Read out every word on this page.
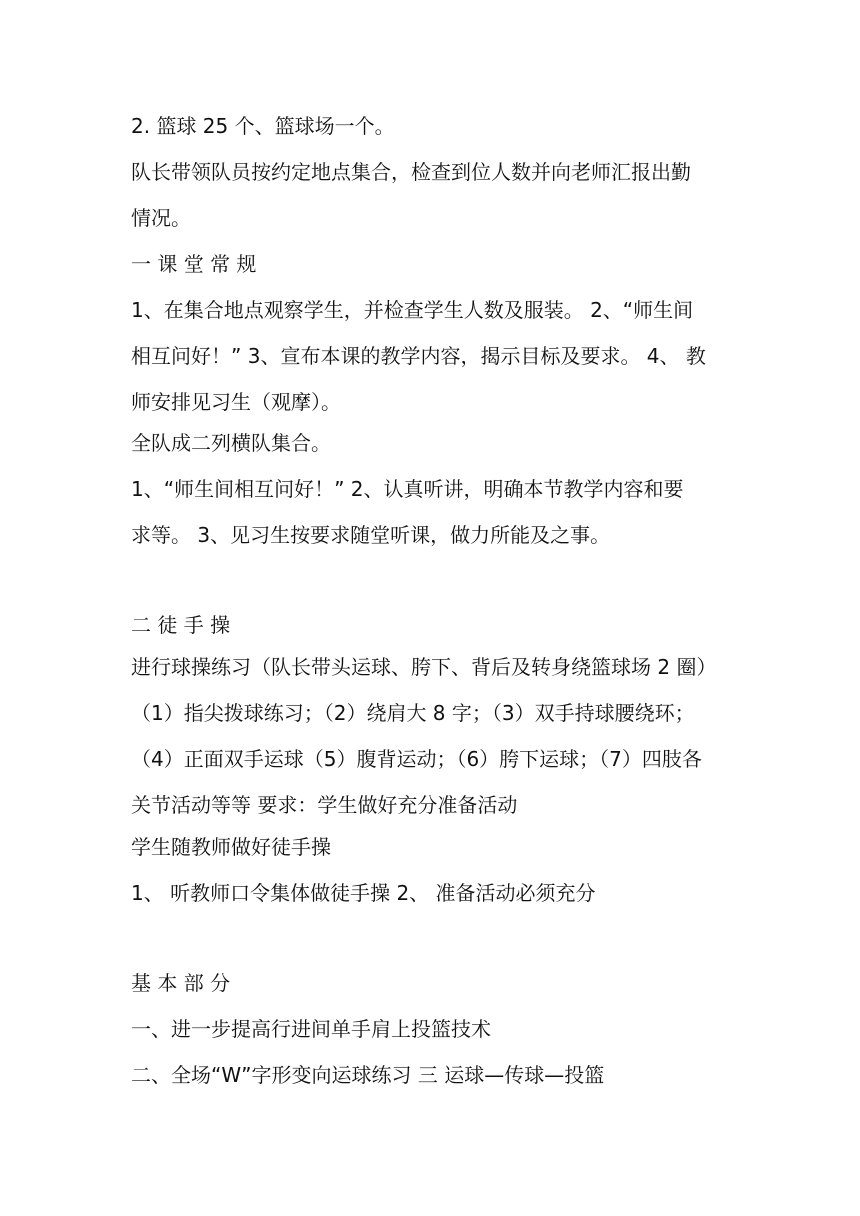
2. 篮球 25 个、篮球场一个。
队长带领队员按约定地点集合，检查到位人数并向老师汇报出勤
情况。
一 课 堂 常 规
1、在集合地点观察学生，并检查学生人数及服装。 2、“师生间
相互问好！” 3、宣布本课的教学内容，揭示目标及要求。 4、 教
师安排见习生（观摩）。
全队成二列横队集合。
1、“师生间相互问好！” 2、认真听讲，明确本节教学内容和要
求等。 3、见习生按要求随堂听课，做力所能及之事。
二 徒 手 操
进行球操练习（队长带头运球、胯下、背后及转身绕篮球场 2 圈）
（1）指尖拨球练习；（2）绕肩大 8 字；（3）双手持球腰绕环；
（4）正面双手运球（5）腹背运动；（6）胯下运球；（7）四肢各
关节活动等等 要求：学生做好充分准备活动
学生随教师做好徒手操
1、 听教师口令集体做徒手操 2、 准备活动必须充分
基 本 部 分
一、进一步提高行进间单手肩上投篮技术
二、全场“W”字形变向运球练习 三 运球—传球—投篮
